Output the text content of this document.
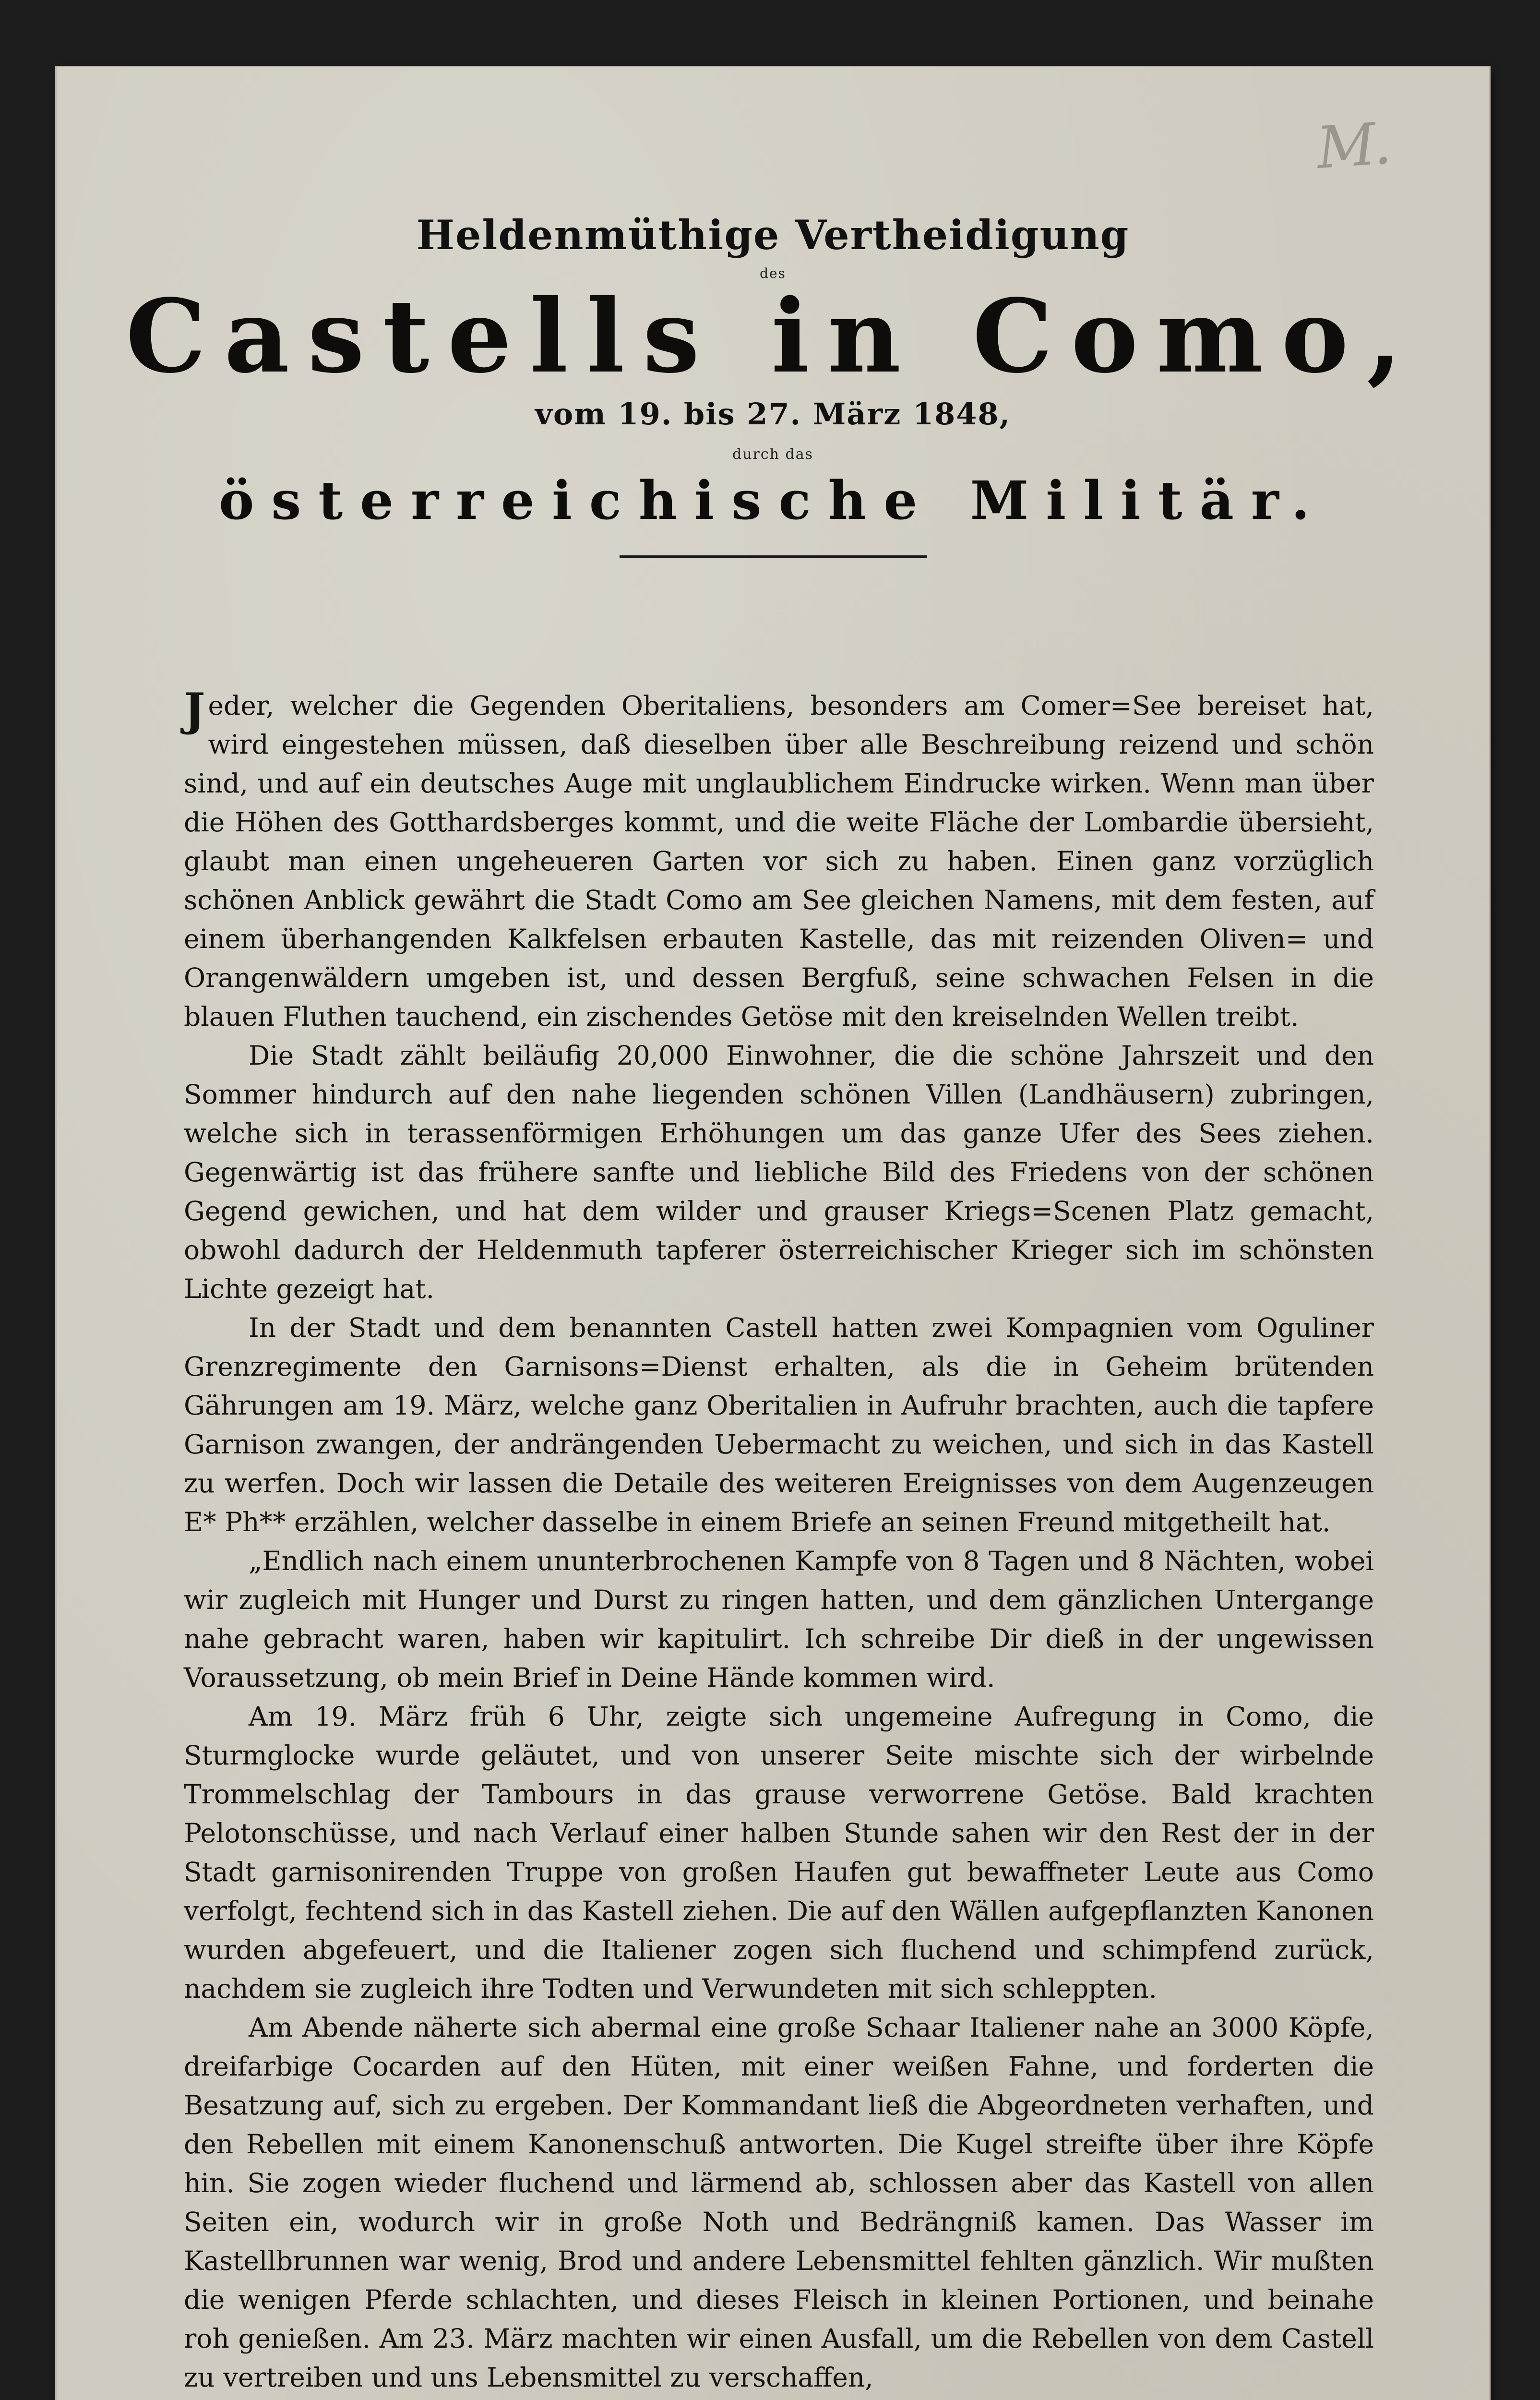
M.
Heldenmüthige Vertheidigung
des
Castells in Como,
vom 19. bis 27. März 1848,
durch das
österreichische Militär.

Jeder, welcher die Gegenden Oberitaliens, besonders am Comer=See bereiset hat, wird eingestehen müssen, daß dieselben über alle Beschreibung reizend und schön sind, und auf ein deutsches Auge mit unglaublichem Eindrucke wirken. Wenn man über die Höhen des Gotthardsberges kommt, und die weite Fläche der Lombardie übersieht, glaubt man einen ungeheueren Garten vor sich zu haben. Einen ganz vorzüglich schönen Anblick gewährt die Stadt Como am See gleichen Namens, mit dem festen, auf einem überhangenden Kalkfelsen erbauten Kastelle, das mit reizenden Oliven= und Orangenwäldern umgeben ist, und dessen Bergfuß, seine schwachen Felsen in die blauen Fluthen tauchend, ein zischendes Getöse mit den kreiselnden Wellen treibt.

Die Stadt zählt beiläufig 20,000 Einwohner, die die schöne Jahrszeit und den Sommer hindurch auf den nahe liegenden schönen Villen (Landhäusern) zubringen, welche sich in terassenförmigen Erhöhungen um das ganze Ufer des Sees ziehen. Gegenwärtig ist das frühere sanfte und liebliche Bild des Friedens von der schönen Gegend gewichen, und hat dem wilder und grauser Kriegs=Scenen Platz gemacht, obwohl dadurch der Heldenmuth tapferer österreichischer Krieger sich im schönsten Lichte gezeigt hat.

In der Stadt und dem benannten Castell hatten zwei Kompagnien vom Oguliner Grenzregimente den Garnisons=Dienst erhalten, als die in Geheim brütenden Gährungen am 19. März, welche ganz Oberitalien in Aufruhr brachten, auch die tapfere Garnison zwangen, der andrängenden Uebermacht zu weichen, und sich in das Kastell zu werfen. Doch wir lassen die Detaile des weiteren Ereignisses von dem Augenzeugen E* Ph** erzählen, welcher dasselbe in einem Briefe an seinen Freund mitgetheilt hat.

„Endlich nach einem ununterbrochenen Kampfe von 8 Tagen und 8 Nächten, wobei wir zugleich mit Hunger und Durst zu ringen hatten, und dem gänzlichen Untergange nahe gebracht waren, haben wir kapitulirt. Ich schreibe Dir dieß in der ungewissen Voraussetzung, ob mein Brief in Deine Hände kommen wird.

Am 19. März früh 6 Uhr, zeigte sich ungemeine Aufregung in Como, die Sturmglocke wurde geläutet, und von unserer Seite mischte sich der wirbelnde Trommelschlag der Tambours in das grause verworrene Getöse. Bald krachten Pelotonschüsse, und nach Verlauf einer halben Stunde sahen wir den Rest der in der Stadt garnisonirenden Truppe von großen Haufen gut bewaffneter Leute aus Como verfolgt, fechtend sich in das Kastell ziehen. Die auf den Wällen aufgepflanzten Kanonen wurden abgefeuert, und die Italiener zogen sich fluchend und schimpfend zurück, nachdem sie zugleich ihre Todten und Verwundeten mit sich schleppten.

Am Abende näherte sich abermal eine große Schaar Italiener nahe an 3000 Köpfe, dreifarbige Cocarden auf den Hüten, mit einer weißen Fahne, und forderten die Besatzung auf, sich zu ergeben. Der Kommandant ließ die Abgeordneten verhaften, und den Rebellen mit einem Kanonenschuß antworten. Die Kugel streifte über ihre Köpfe hin. Sie zogen wieder fluchend und lärmend ab, schlossen aber das Kastell von allen Seiten ein, wodurch wir in große Noth und Bedrängniß kamen. Das Wasser im Kastellbrunnen war wenig, Brod und andere Lebensmittel fehlten gänzlich. Wir mußten die wenigen Pferde schlachten, und dieses Fleisch in kleinen Portionen, und beinahe roh genießen. Am 23. März machten wir einen Ausfall, um die Rebellen von dem Castell zu vertreiben und uns Lebensmittel zu verschaffen,
